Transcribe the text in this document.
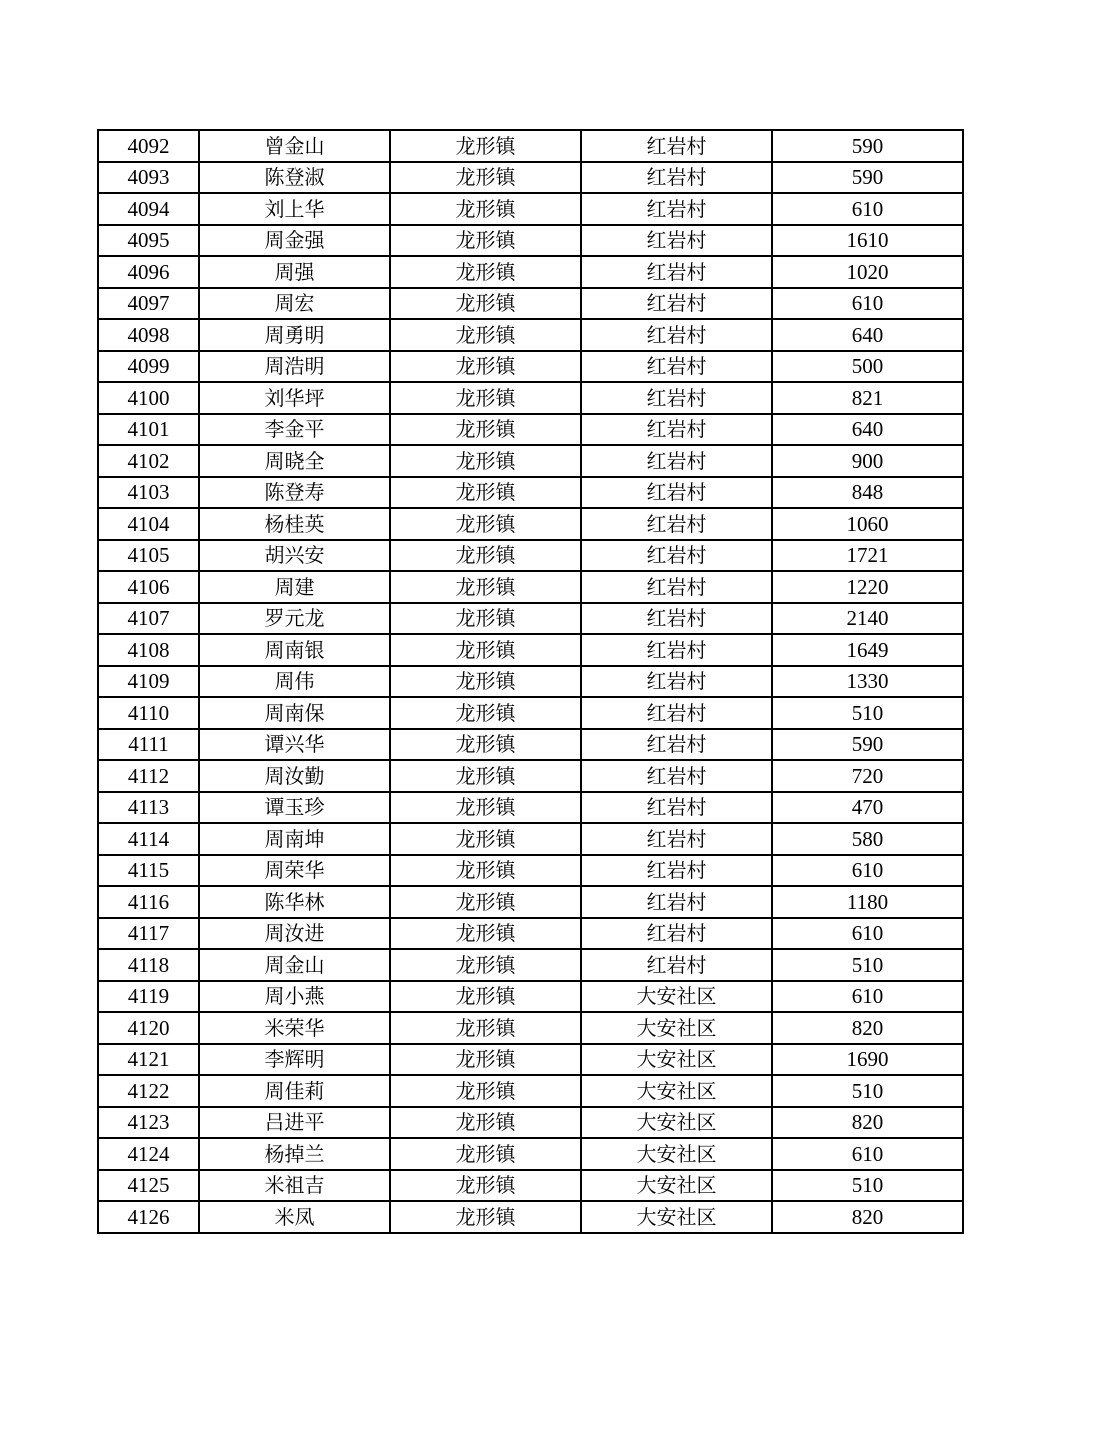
4092	曾金山	龙形镇	红岩村	590
4093	陈登淑	龙形镇	红岩村	590
4094	刘上华	龙形镇	红岩村	610
4095	周金强	龙形镇	红岩村	1610
4096	周强	龙形镇	红岩村	1020
4097	周宏	龙形镇	红岩村	610
4098	周勇明	龙形镇	红岩村	640
4099	周浩明	龙形镇	红岩村	500
4100	刘华坪	龙形镇	红岩村	821
4101	李金平	龙形镇	红岩村	640
4102	周晓全	龙形镇	红岩村	900
4103	陈登寿	龙形镇	红岩村	848
4104	杨桂英	龙形镇	红岩村	1060
4105	胡兴安	龙形镇	红岩村	1721
4106	周建	龙形镇	红岩村	1220
4107	罗元龙	龙形镇	红岩村	2140
4108	周南银	龙形镇	红岩村	1649
4109	周伟	龙形镇	红岩村	1330
4110	周南保	龙形镇	红岩村	510
4111	谭兴华	龙形镇	红岩村	590
4112	周汝勤	龙形镇	红岩村	720
4113	谭玉珍	龙形镇	红岩村	470
4114	周南坤	龙形镇	红岩村	580
4115	周荣华	龙形镇	红岩村	610
4116	陈华林	龙形镇	红岩村	1180
4117	周汝进	龙形镇	红岩村	610
4118	周金山	龙形镇	红岩村	510
4119	周小燕	龙形镇	大安社区	610
4120	米荣华	龙形镇	大安社区	820
4121	李辉明	龙形镇	大安社区	1690
4122	周佳莉	龙形镇	大安社区	510
4123	吕进平	龙形镇	大安社区	820
4124	杨掉兰	龙形镇	大安社区	610
4125	米祖吉	龙形镇	大安社区	510
4126	米凤	龙形镇	大安社区	820
